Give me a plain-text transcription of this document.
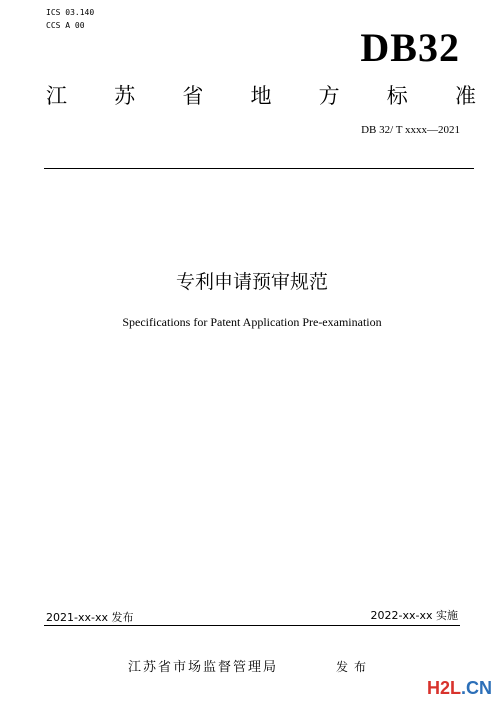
ICS 03.140
CCS A 00	DB32
江 苏 省 地 方 标 准
DB 32/ T xxxx—2021
专利申请预审规范
Specifications for Patent Application Pre-examination
2021-xx-xx 发布	2022-xx-xx 实施
江苏省市场监督管理局	发布
H2L.CN
